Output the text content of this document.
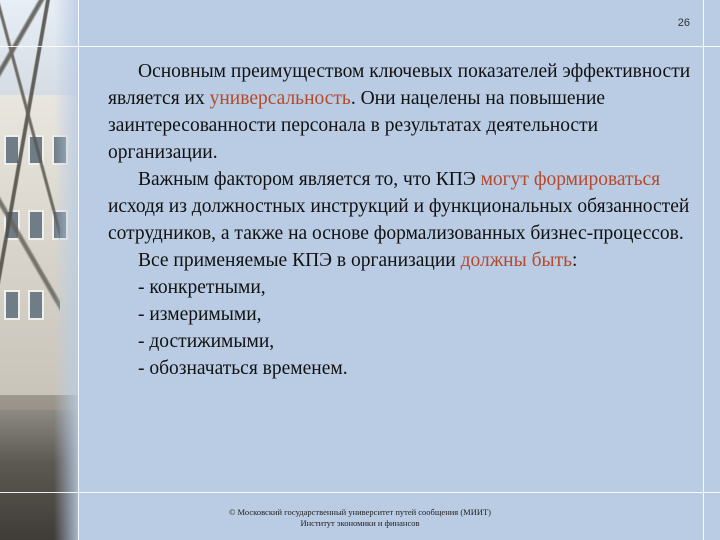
26

Основным преимуществом ключевых показателей эффективности является их универсальность. Они нацелены на повышение заинтересованности персонала в результатах деятельности организации.

Важным фактором является то, что КПЭ могут формироваться исходя из должностных инструкций и функциональных обязанностей сотрудников, а также на основе формализованных бизнес-процессов.

Все применяемые КПЭ в организации должны быть:

- конкретными,

- измеримыми,

- достижимыми,

- обозначаться временем.

© Московский государственный университет путей сообщения (МИИТ)
Институт экономики и финансов
